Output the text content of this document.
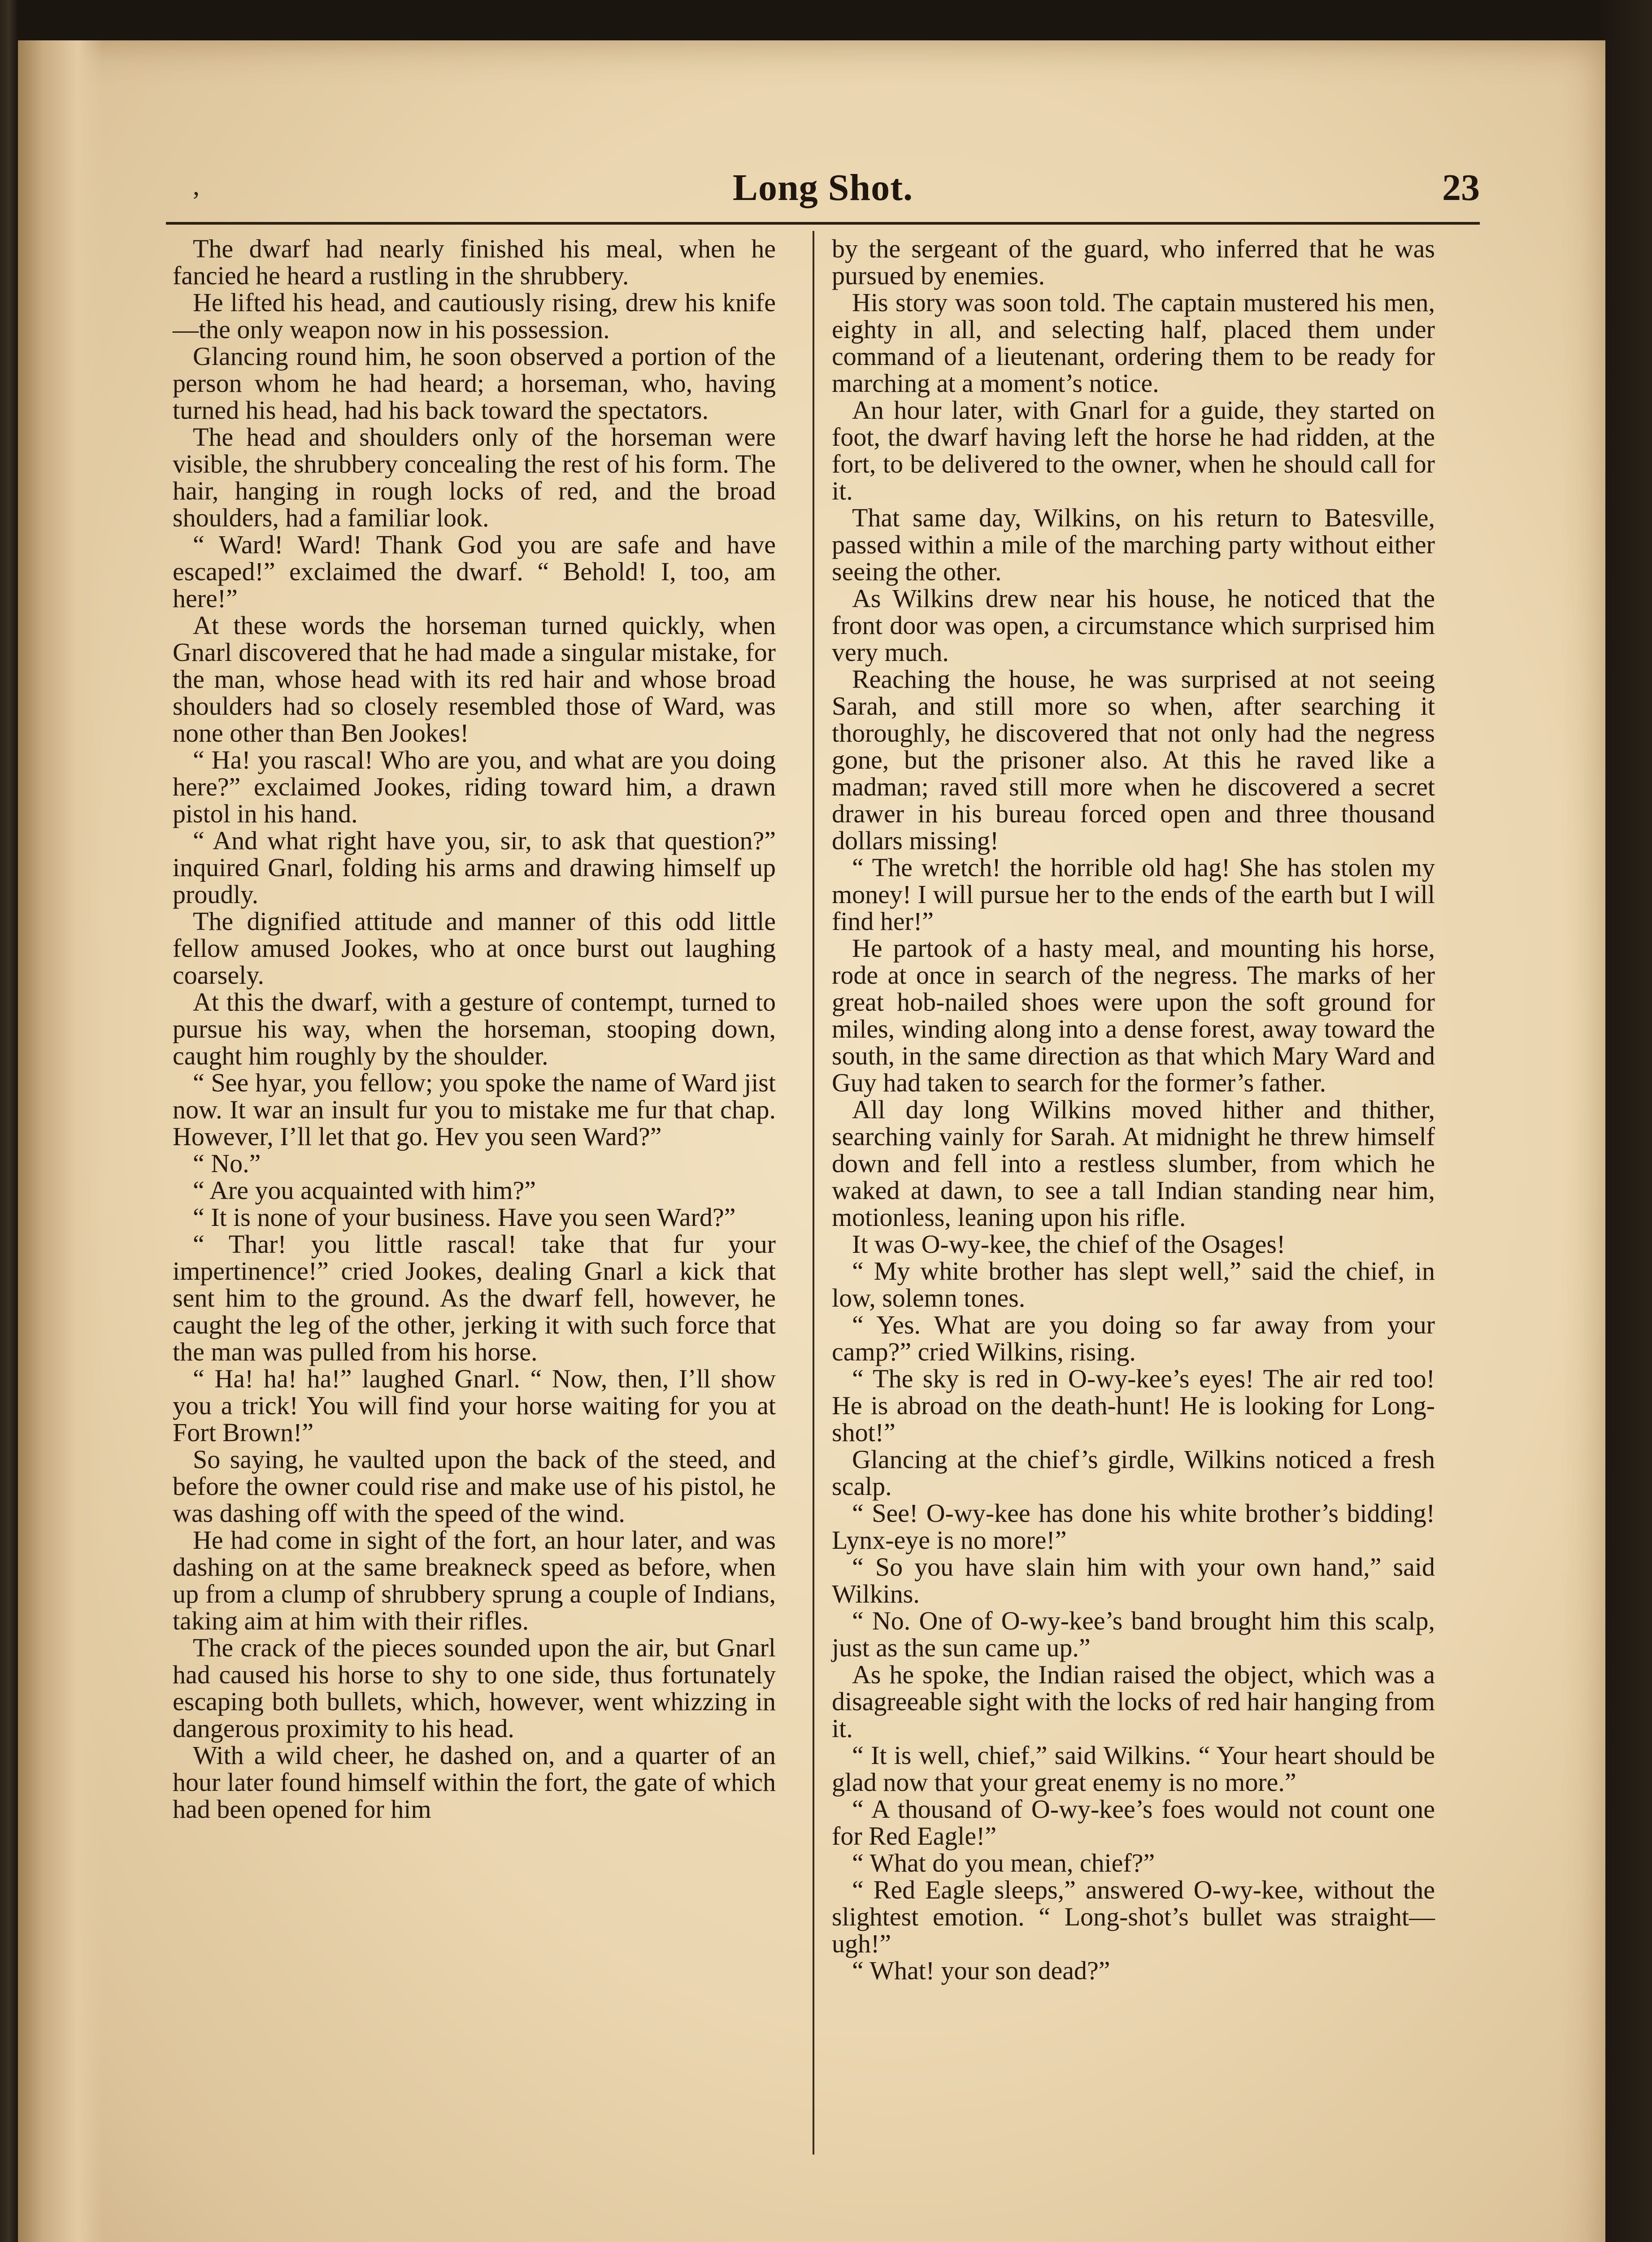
,	Long Shot.	23

The dwarf had nearly finished his meal, when he fancied he heard a rustling in the shrubbery.

He lifted his head, and cautiously rising, drew his knife—the only weapon now in his possession.

Glancing round him, he soon observed a portion of the person whom he had heard; a horseman, who, having turned his head, had his back toward the spectators.

The head and shoulders only of the horseman were visible, the shrubbery concealing the rest of his form. The hair, hanging in rough locks of red, and the broad shoulders, had a familiar look.

“ Ward! Ward! Thank God you are safe and have escaped!” exclaimed the dwarf. “ Behold! I, too, am here!”

At these words the horseman turned quickly, when Gnarl discovered that he had made a singular mistake, for the man, whose head with its red hair and whose broad shoulders had so closely resembled those of Ward, was none other than Ben Jookes!

“ Ha! you rascal! Who are you, and what are you doing here?” exclaimed Jookes, riding toward him, a drawn pistol in his hand.

“ And what right have you, sir, to ask that question?” inquired Gnarl, folding his arms and drawing himself up proudly.

The dignified attitude and manner of this odd little fellow amused Jookes, who at once burst out laughing coarsely.

At this the dwarf, with a gesture of contempt, turned to pursue his way, when the horseman, stooping down, caught him roughly by the shoulder.

“ See hyar, you fellow; you spoke the name of Ward jist now. It war an insult fur you to mistake me fur that chap. However, I’ll let that go. Hev you seen Ward?”

“ No.”

“ Are you acquainted with him?”

“ It is none of your business. Have you seen Ward?”

“ Thar! you little rascal! take that fur your impertinence!” cried Jookes, dealing Gnarl a kick that sent him to the ground. As the dwarf fell, however, he caught the leg of the other, jerking it with such force that the man was pulled from his horse.

“ Ha! ha! ha!” laughed Gnarl. “ Now, then, I’ll show you a trick! You will find your horse waiting for you at Fort Brown!”

So saying, he vaulted upon the back of the steed, and before the owner could rise and make use of his pistol, he was dashing off with the speed of the wind.

He had come in sight of the fort, an hour later, and was dashing on at the same breakneck speed as before, when up from a clump of shrubbery sprung a couple of Indians, taking aim at him with their rifles.

The crack of the pieces sounded upon the air, but Gnarl had caused his horse to shy to one side, thus fortunately escaping both bullets, which, however, went whizzing in dangerous proximity to his head.

With a wild cheer, he dashed on, and a quarter of an hour later found himself within the fort, the gate of which had been opened for him

by the sergeant of the guard, who inferred that he was pursued by enemies.

His story was soon told. The captain mustered his men, eighty in all, and selecting half, placed them under command of a lieutenant, ordering them to be ready for marching at a moment’s notice.

An hour later, with Gnarl for a guide, they started on foot, the dwarf having left the horse he had ridden, at the fort, to be delivered to the owner, when he should call for it.

That same day, Wilkins, on his return to Batesville, passed within a mile of the marching party without either seeing the other.

As Wilkins drew near his house, he noticed that the front door was open, a circumstance which surprised him very much.

Reaching the house, he was surprised at not seeing Sarah, and still more so when, after searching it thoroughly, he discovered that not only had the negress gone, but the prisoner also. At this he raved like a madman; raved still more when he discovered a secret drawer in his bureau forced open and three thousand dollars missing!

“ The wretch! the horrible old hag! She has stolen my money! I will pursue her to the ends of the earth but I will find her!”

He partook of a hasty meal, and mounting his horse, rode at once in search of the negress. The marks of her great hob-nailed shoes were upon the soft ground for miles, winding along into a dense forest, away toward the south, in the same direction as that which Mary Ward and Guy had taken to search for the former’s father.

All day long Wilkins moved hither and thither, searching vainly for Sarah. At midnight he threw himself down and fell into a restless slumber, from which he waked at dawn, to see a tall Indian standing near him, motionless, leaning upon his rifle.

It was O-wy-kee, the chief of the Osages!

“ My white brother has slept well,” said the chief, in low, solemn tones.

“ Yes. What are you doing so far away from your camp?” cried Wilkins, rising.

“ The sky is red in O-wy-kee’s eyes! The air red too! He is abroad on the death-hunt! He is looking for Long-shot!”

Glancing at the chief’s girdle, Wilkins noticed a fresh scalp.

“ See! O-wy-kee has done his white brother’s bidding! Lynx-eye is no more!”

“ So you have slain him with your own hand,” said Wilkins.

“ No. One of O-wy-kee’s band brought him this scalp, just as the sun came up.”

As he spoke, the Indian raised the object, which was a disagreeable sight with the locks of red hair hanging from it.

“ It is well, chief,” said Wilkins. “ Your heart should be glad now that your great enemy is no more.”

“ A thousand of O-wy-kee’s foes would not count one for Red Eagle!”

“ What do you mean, chief?”

“ Red Eagle sleeps,” answered O-wy-kee, without the slightest emotion. “ Long-shot’s bullet was straight—ugh!”

“ What! your son dead?”
